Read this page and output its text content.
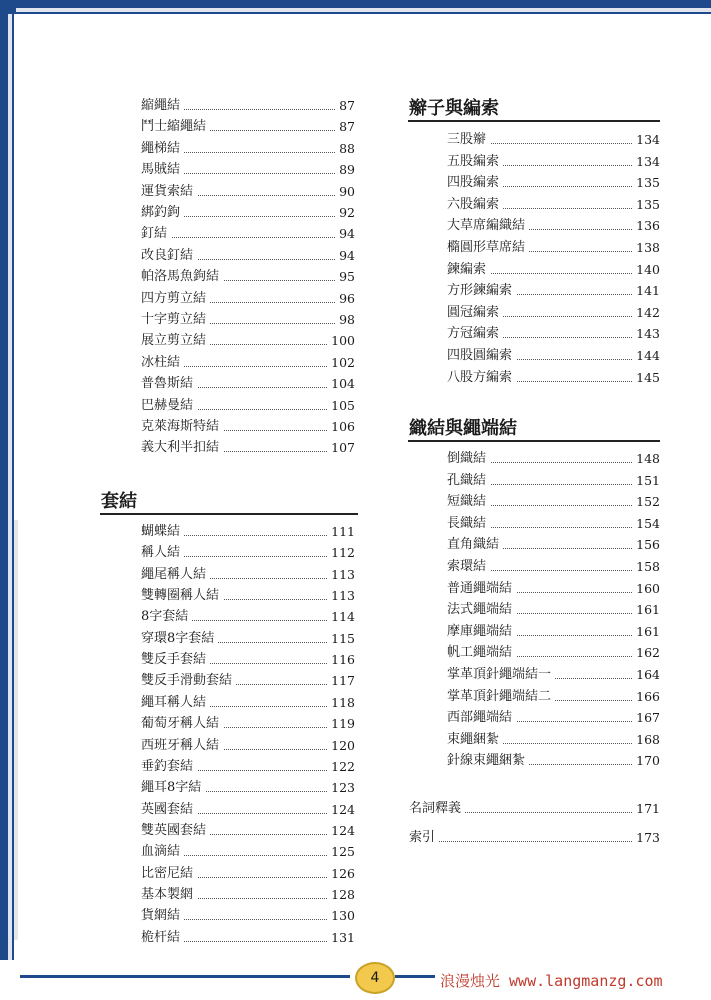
縮繩結	87
鬥士縮繩結	87
繩梯結	88
馬賊結	89
運貨索結	90
綁釣鉤	92
釘結	94
改良釘結	94
帕洛馬魚鉤結	95
四方剪立結	96
十字剪立結	98
展立剪立結	100
冰柱結	102
普魯斯結	104
巴赫曼結	105
克萊海斯特結	106
義大利半扣結	107
套結
蝴蝶結	111
稱人結	112
繩尾稱人結	113
雙轉圈稱人結	113
8字套結	114
穿環8字套結	115
雙反手套結	116
雙反手滑動套結	117
繩耳稱人結	118
葡萄牙稱人結	119
西班牙稱人結	120
垂釣套結	122
繩耳8字結	123
英國套結	124
雙英國套結	124
血滴結	125
比密尼結	126
基本製網	128
貨網結	130
桅杆結	131
辮子與編索
三股辮	134
五股編索	134
四股編索	135
六股編索	135
大草席編織結	136
橢圓形草席結	138
鍊編索	140
方形鍊編索	141
圓冠編索	142
方冠編索	143
四股圓編索	144
八股方編索	145
織結與繩端結
倒織結	148
孔織結	151
短織結	152
長織結	154
直角織結	156
索環結	158
普通繩端結	160
法式繩端結	161
摩庫繩端結	161
帆工繩端結	162
掌革頂針繩端結一	164
掌革頂針繩端結二	166
西部繩端結	167
束繩綑紮	168
針線束繩綑紮	170
名詞釋義	171
索引	173
4	浪漫烛光 www.langmanzg.com
